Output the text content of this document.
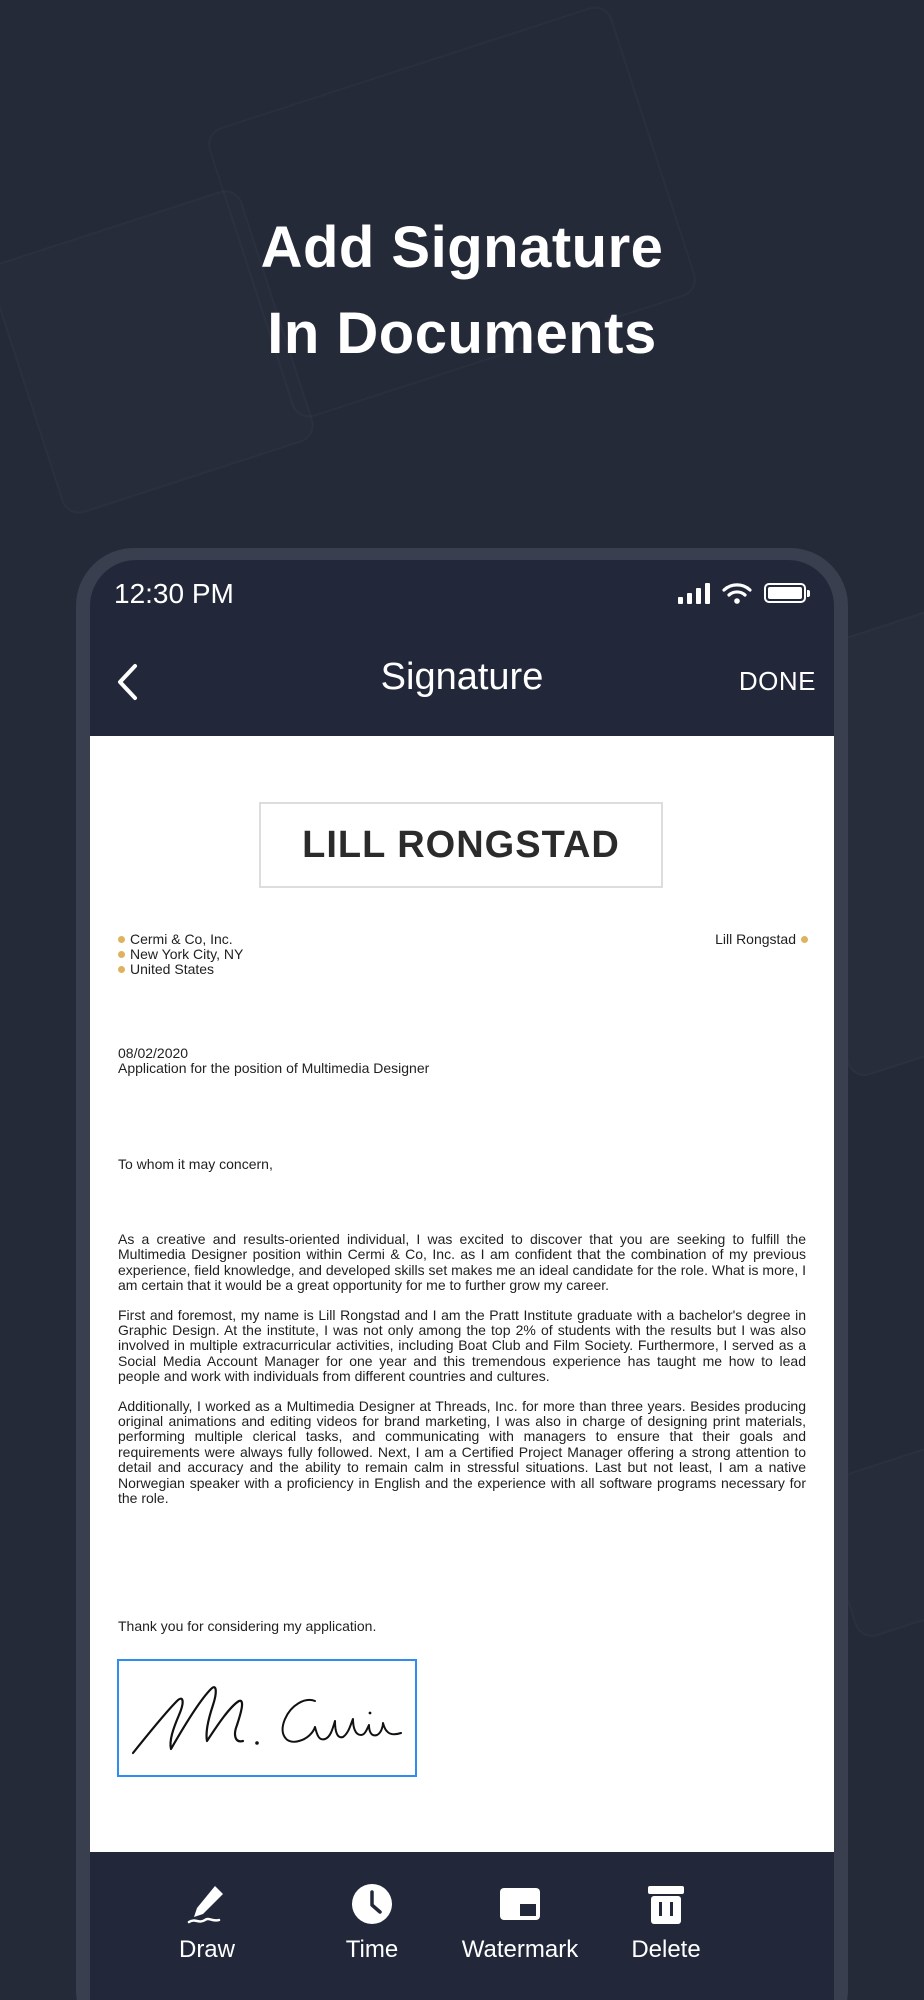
Add Signature
In Documents
12:30 PM
Signature	DONE
LILL RONGSTAD
Cermi & Co, Inc.
New York City, NY
United States
Lill Rongstad
08/02/2020
Application for the position of Multimedia Designer
To whom it may concern,

As a creative and results-oriented individual, I was excited to discover that you are seeking to fulfill the Multimedia Designer position within Cermi & Co, Inc. as I am confident that the combination of my previous experience, field knowledge, and developed skills set makes me an ideal candidate for the role. What is more, I am certain that it would be a great opportunity for me to further grow my career.

First and foremost, my name is Lill Rongstad and I am the Pratt Institute graduate with a bachelor's degree in Graphic Design. At the institute, I was not only among the top 2% of students with the results but I was also involved in multiple extracurricular activities, including Boat Club and Film Society. Furthermore, I served as a Social Media Account Manager for one year and this tremendous experience has taught me how to lead people and work with individuals from different countries and cultures.

Additionally, I worked as a Multimedia Designer at Threads, Inc. for more than three years. Besides producing original animations and editing videos for brand marketing, I was also in charge of designing print materials, performing multiple clerical tasks, and communicating with managers to ensure that their goals and requirements were always fully followed. Next, I am a Certified Project Manager offering a strong attention to detail and accuracy and the ability to remain calm in stressful situations. Last but not least, I am a native Norwegian speaker with a proficiency in English and the experience with all software programs necessary for the role.

Thank you for considering my application.
Draw	Time	Watermark Delete
